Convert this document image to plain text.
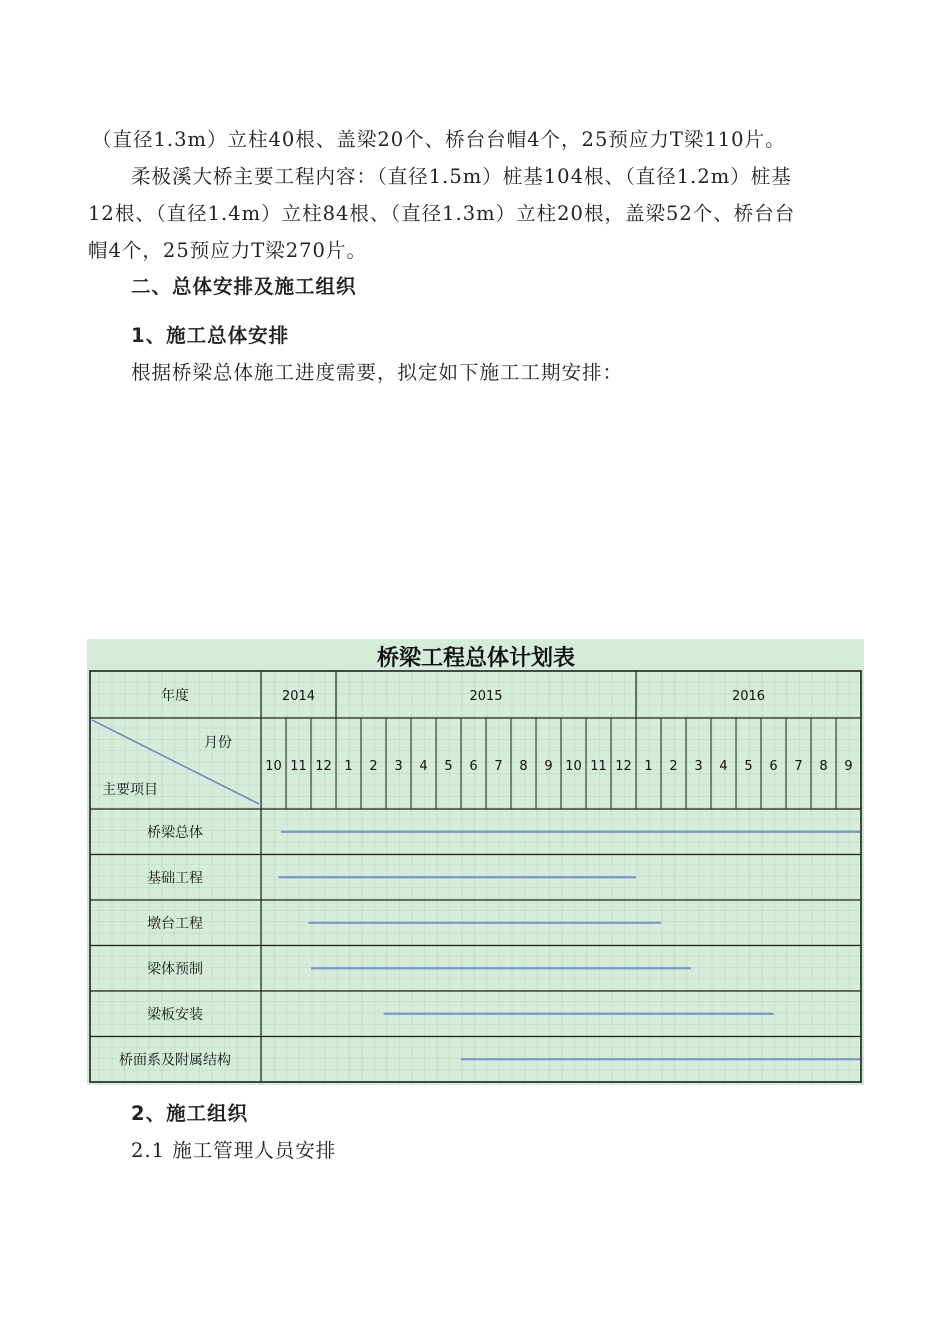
（直径1.3m）立柱40根、盖梁20个、桥台台帽4个，25预应力T梁110片。
柔极溪大桥主要工程内容：（直径1.5m）桩基104根、（直径1.2m）桩基
12根、（直径1.4m）立柱84根、（直径1.3m）立柱20根，盖梁52个、桥台台
帽4个，25预应力T梁270片。
二、总体安排及施工组织
1、施工总体安排
根据桥梁总体施工进度需要，拟定如下施工工期安排：
桥梁工程总体计划表
年度
月份
主要项目
2014
10 11 12
2015
1 2 3 4 5 6 7 8 9 10 11 12
2016
1 2 3 4 5 6 7 8 9
桥梁总体
基础工程
墩台工程
梁体预制
梁板安装
桥面系及附属结构
2、施工组织
2.1 施工管理人员安排
